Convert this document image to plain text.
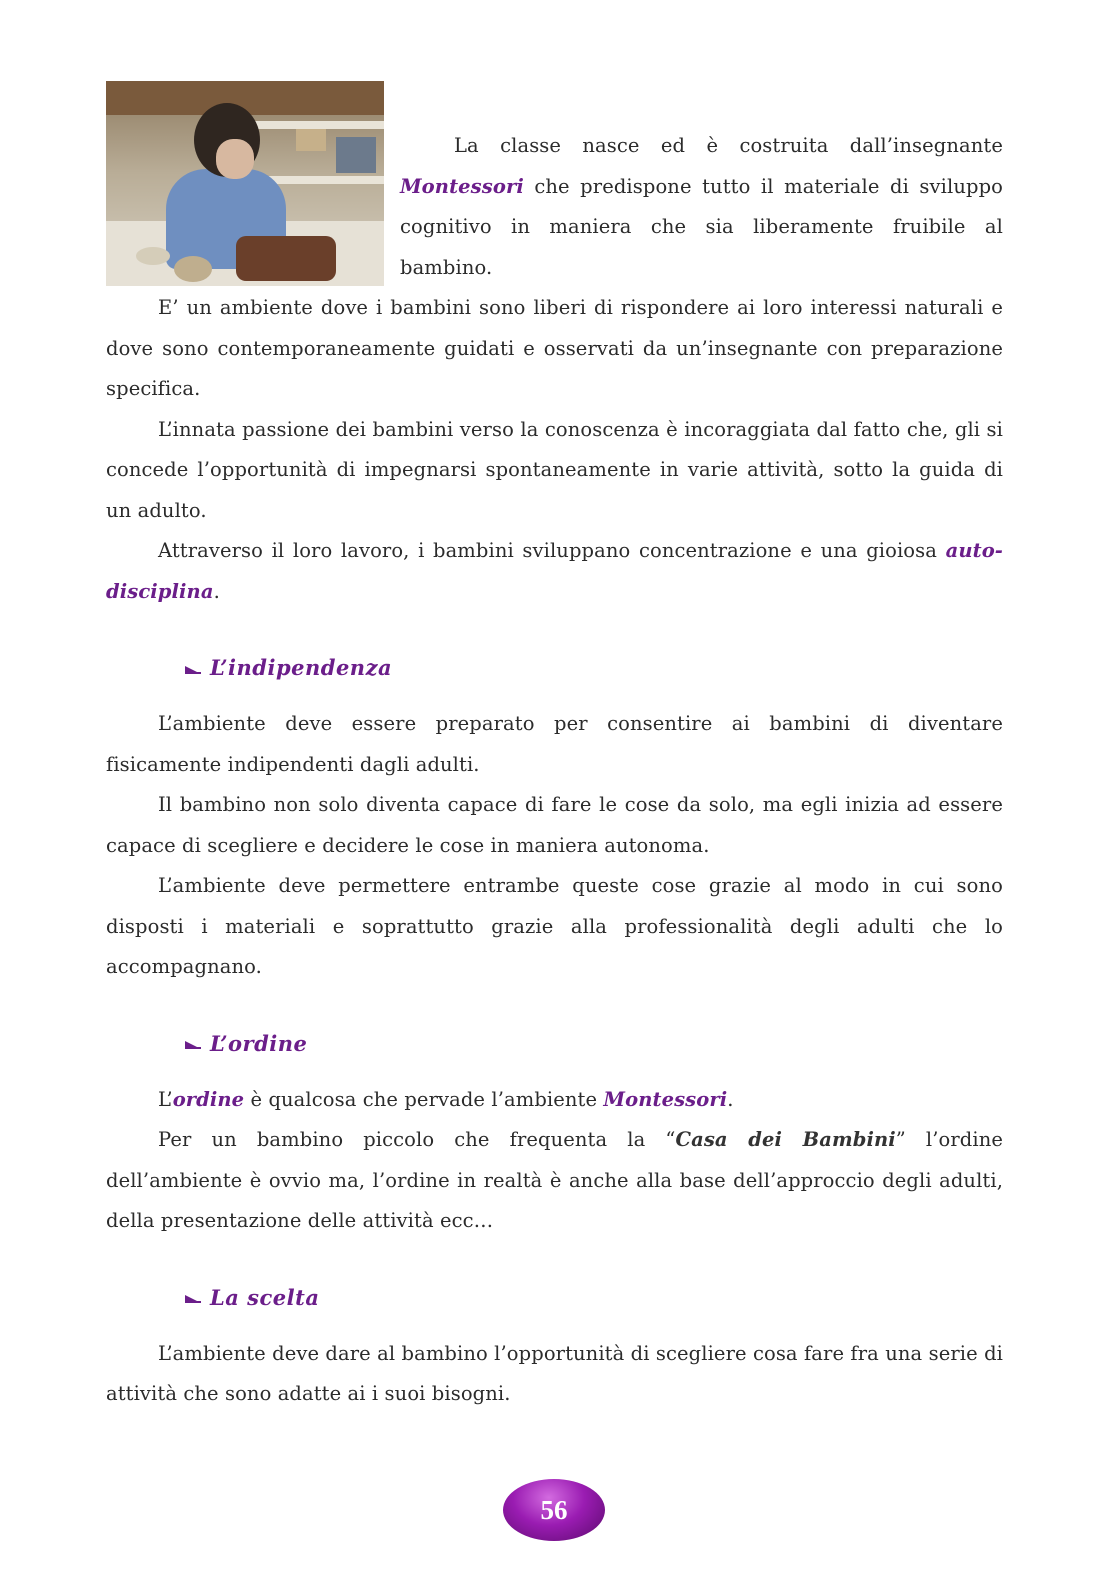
La classe nasce ed è costruita dall’insegnante Montessori che predispone tutto il materiale di sviluppo cognitivo in maniera che sia liberamente fruibile al bambino.

E’ un ambiente dove i bambini sono liberi di rispondere ai loro interessi naturali e dove sono contemporaneamente guidati e osservati da un’insegnante con preparazione specifica.

L’innata passione dei bambini verso la conoscenza è incoraggiata dal fatto che, gli si concede l’opportunità di impegnarsi spontaneamente in varie attività, sotto la guida di un adulto.

Attraverso il loro lavoro, i bambini sviluppano concentrazione e una gioiosa auto-disciplina.

L’indipendenza

L’ambiente deve essere preparato per consentire ai bambini di diventare fisicamente indipendenti dagli adulti.

Il bambino non solo diventa capace di fare le cose da solo, ma egli inizia ad essere capace di scegliere e decidere le cose in maniera autonoma.

L’ambiente deve permettere entrambe queste cose grazie al modo in cui sono disposti i materiali e soprattutto grazie alla professionalità degli adulti che lo accompagnano.

L’ordine

L’ordine è qualcosa che pervade l’ambiente Montessori.

Per un bambino piccolo che frequenta la “Casa dei Bambini” l’ordine dell’ambiente è ovvio ma, l’ordine in realtà è anche alla base dell’approccio degli adulti, della presentazione delle attività ecc…

La scelta

L’ambiente deve dare al bambino l’opportunità di scegliere cosa fare fra una serie di attività che sono adatte ai i suoi bisogni.

56
